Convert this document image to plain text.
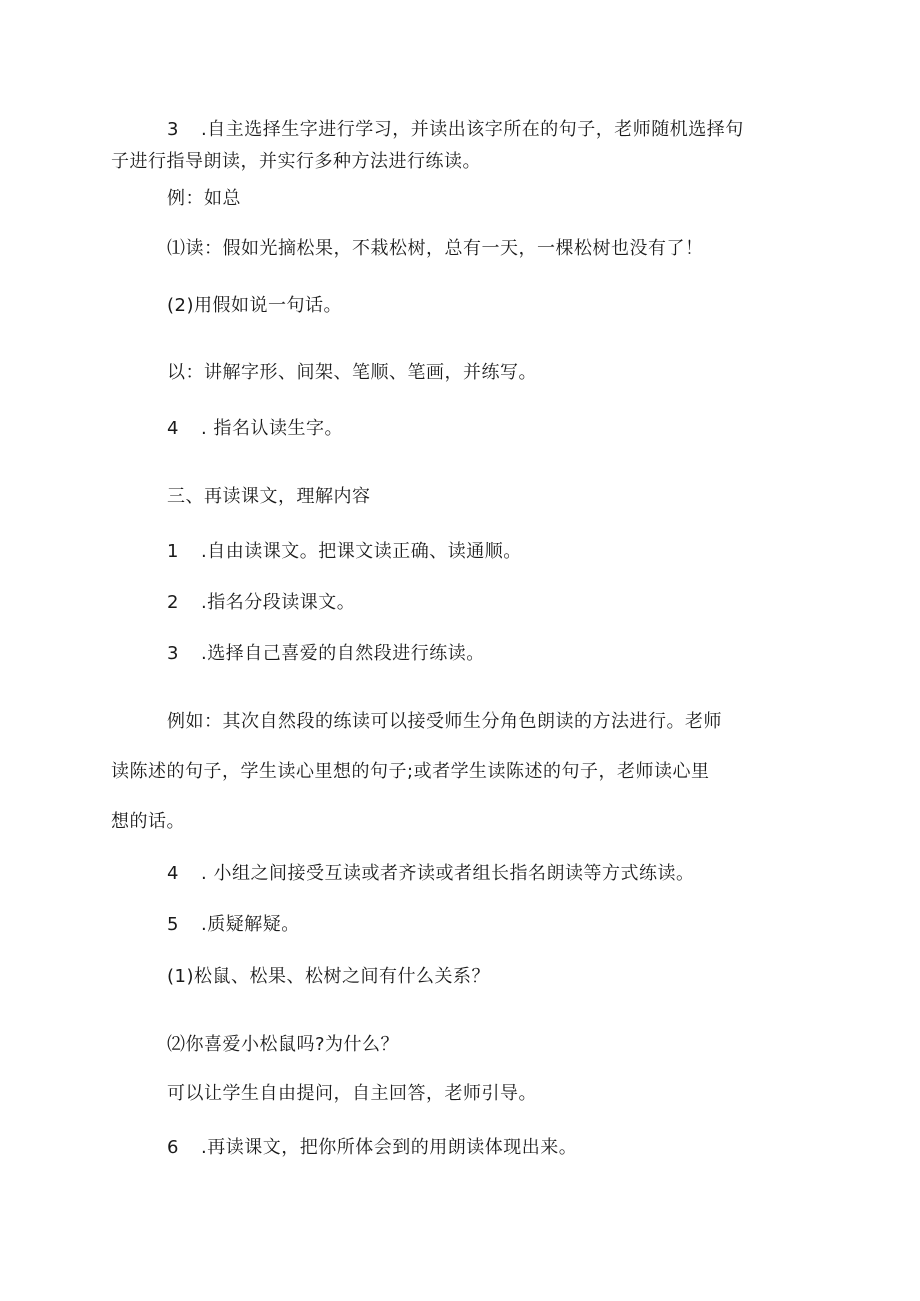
3 .自主选择生字进行学习，并读出该字所在的句子，老师随机选择句

子进行指导朗读，并实行多种方法进行练读。

例：如总

⑴读：假如光摘松果，不栽松树，总有一天，一棵松树也没有了！

(2)用假如说一句话。

以：讲解字形、间架、笔顺、笔画，并练写。

4 . 指名认读生字。

三、再读课文，理解内容

1 .自由读课文。把课文读正确、读通顺。

2 .指名分段读课文。

3 .选择自己喜爱的自然段进行练读。

例如：其次自然段的练读可以接受师生分角色朗读的方法进行。老师

读陈述的句子，学生读心里想的句子;或者学生读陈述的句子，老师读心里

想的话。

4 . 小组之间接受互读或者齐读或者组长指名朗读等方式练读。

5 .质疑解疑。

(1)松鼠、松果、松树之间有什么关系？

⑵你喜爱小松鼠吗?为什么？

可以让学生自由提问，自主回答，老师引导。

6 .再读课文，把你所体会到的用朗读体现出来。
